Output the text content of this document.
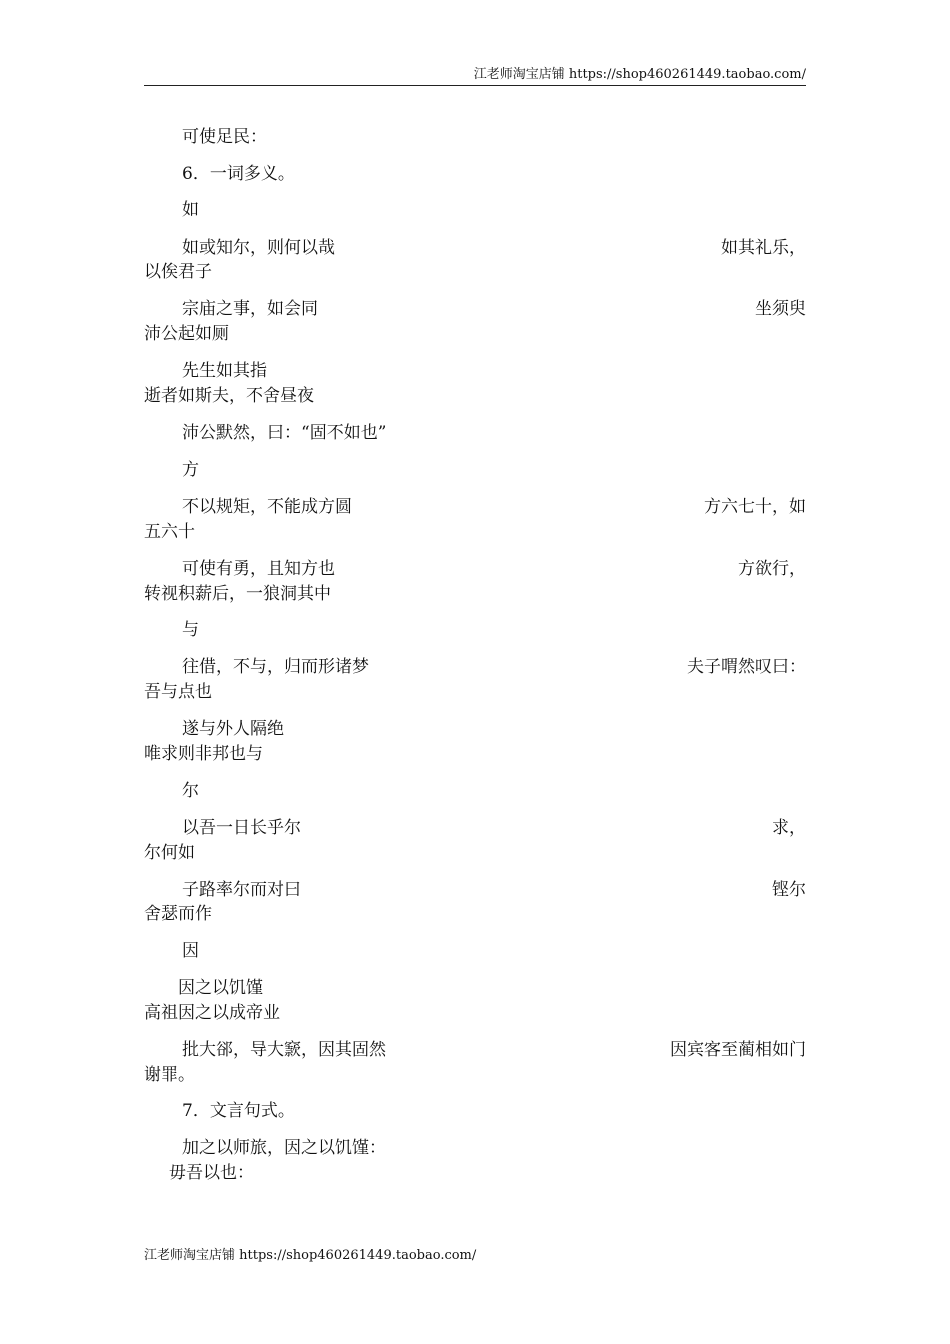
江老师淘宝店铺 https://shop460261449.taobao.com/
可使足民：
6．一词多义。
如
如或知尔，则何以哉	如其礼乐，
以俟君子
宗庙之事，如会同	坐须臾
沛公起如厕
先生如其指
逝者如斯夫，不舍昼夜
沛公默然，曰：“固不如也”
方
不以规矩，不能成方圆	方六七十，如
五六十
可使有勇，且知方也	方欲行，
转视积薪后，一狼洞其中
与
往借，不与，归而形诸梦	夫子喟然叹曰：
吾与点也
遂与外人隔绝
唯求则非邦也与
尔
以吾一日长乎尔	求，
尔何如
子路率尔而对曰	铿尔
舍瑟而作
因
因之以饥馑
高祖因之以成帝业
批大郤，导大窾，因其固然	因宾客至蔺相如门
谢罪。
7．文言句式。
加之以师旅，因之以饥馑：
毋吾以也：
江老师淘宝店铺 https://shop460261449.taobao.com/
